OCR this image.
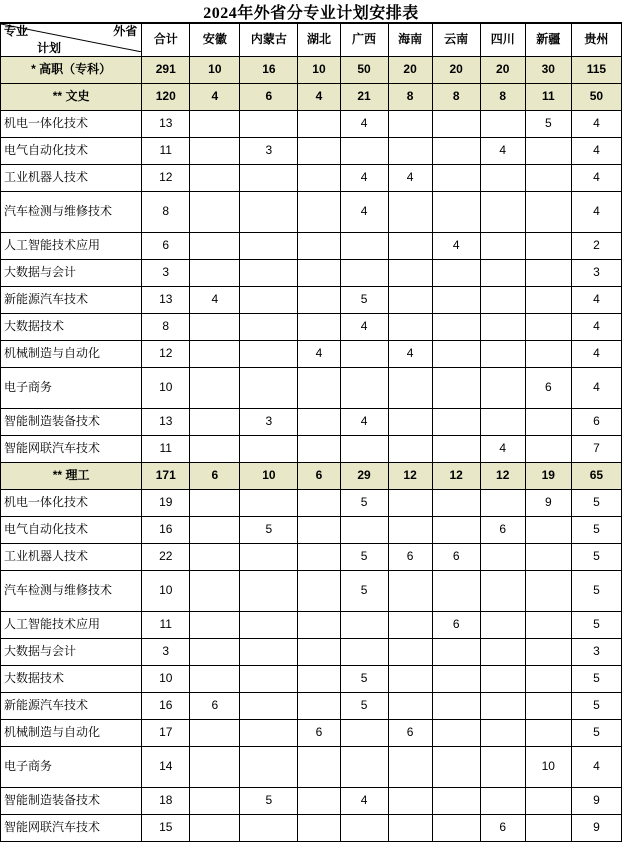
2024年外省分专业计划安排表
专业 外省
计划	合计	安徽	内蒙古	湖北	广西	海南	云南	四川	新疆	贵州
* 高职（专科）	291	10	16	10	50	20	20	20	30	115
** 文史	120	4	6	4	21	8	8	8	11	50
机电一体化技术	13				4				5	4
电气自动化技术	11		3					4		4
工业机器人技术	12				4	4				4
汽车检测与维修技术	8				4					4
人工智能技术应用	6						4			2
大数据与会计	3									3
新能源汽车技术	13	4			5					4
大数据技术	8				4					4
机械制造与自动化	12			4		4				4
电子商务	10								6	4
智能制造装备技术	13		3		4					6
智能网联汽车技术	11							4		7
** 理工	171	6	10	6	29	12	12	12	19	65
机电一体化技术	19				5				9	5
电气自动化技术	16		5					6		5
工业机器人技术	22				5	6	6			5
汽车检测与维修技术	10				5					5
人工智能技术应用	11						6			5
大数据与会计	3									3
大数据技术	10				5					5
新能源汽车技术	16	6			5					5
机械制造与自动化	17			6		6				5
电子商务	14								10	4
智能制造装备技术	18		5		4					9
智能网联汽车技术	15							6		9
